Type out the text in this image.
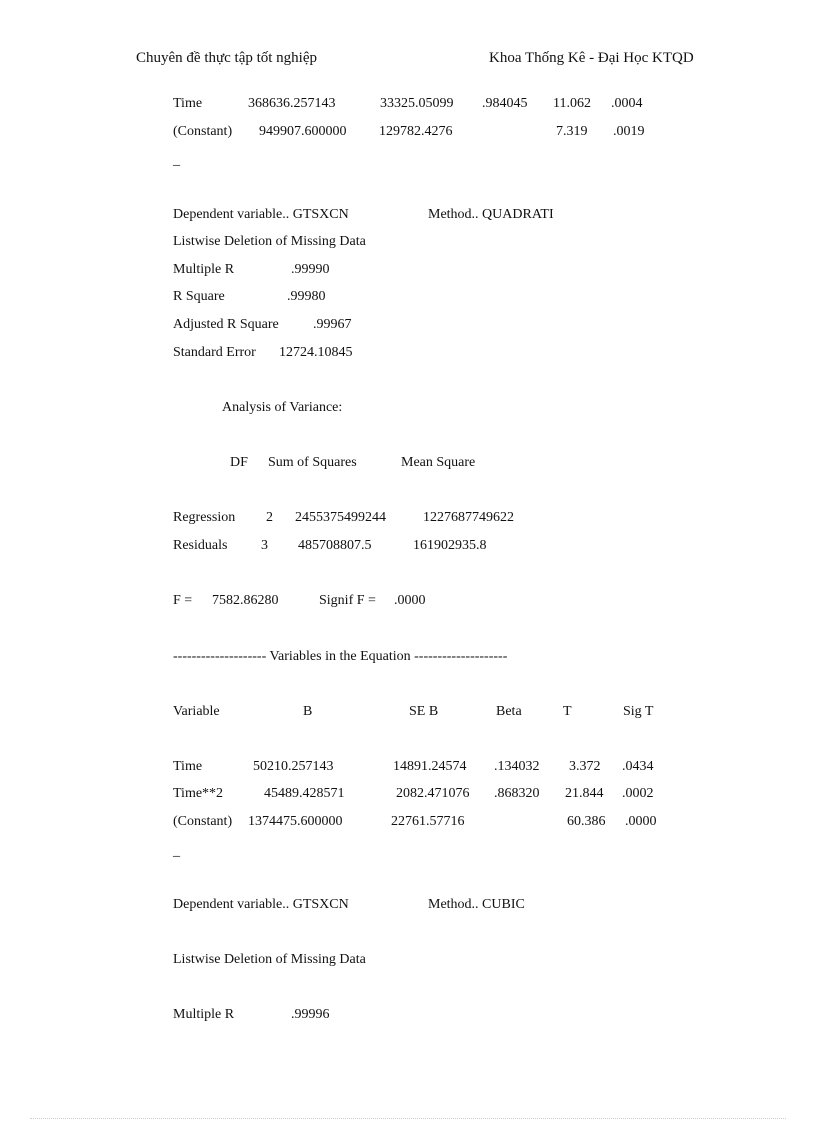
Chuyên đề thực tập tốt nghiệp	Khoa Thống Kê - Đại Học KTQD
Time	368636.257143	33325.05099 .984045 11.062 .0004
(Constant) 949907.600000 129782.4276	7.319 .0019
_
Dependent variable.. GTSXCN	Method.. QUADRATI
Listwise Deletion of Missing Data
Multiple R	.99990
R Square	.99980
Adjusted R Square .99967
Standard Error 12724.10845
Analysis of Variance:
DF Sum of Squares	Mean Square
Regression 2 2455375499244	1227687749622
Residuals 3 485708807.5	161902935.8
F = 7582.86280	Signif F = .0000
-------------------- Variables in the Equation --------------------
Variable	B	SE B	Beta	T	Sig T
Time	50210.257143	14891.24574 .134032 3.372 .0434
Time**2	45489.428571	2082.471076 .868320 21.844 .0002
(Constant) 1374475.600000	22761.57716	60.386 .0000
_
Dependent variable.. GTSXCN	Method.. CUBIC
Listwise Deletion of Missing Data
Multiple R	.99996
